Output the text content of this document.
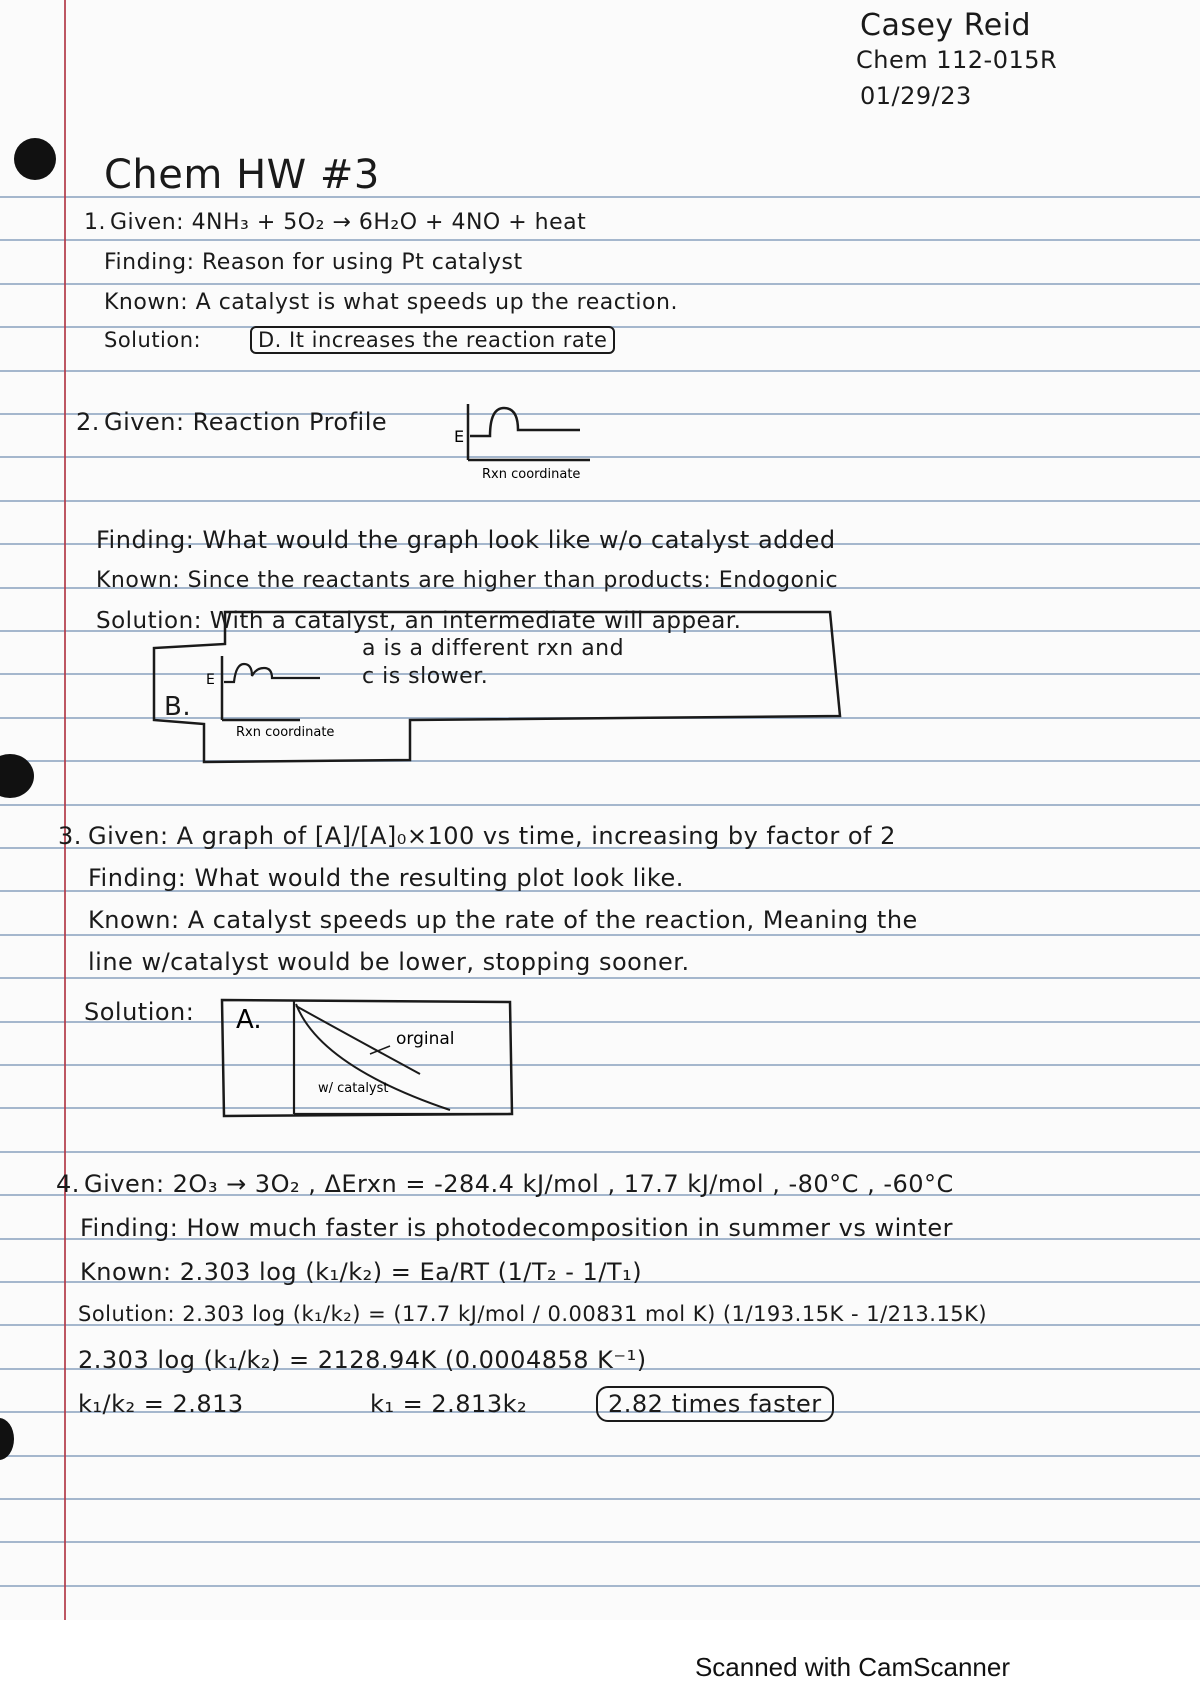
Casey Reid
Chem 112-015R
01/29/23
Chem HW #3
1. Given: 4NH₃ + 5O₂ → 6H₂O + 4NO + heat
Finding: Reason for using Pt catalyst
Known: A catalyst is what speeds up the reaction.
Solution:	D. It increases the reaction rate
2. Given: Reaction Profile
E
Rxn coordinate
Finding: What would the graph look like w/o catalyst added
Known: Since the reactants are higher than products: Endogonic
Solution: With a catalyst, an intermediate will appear.
a is a different rxn and
c is slower.
B.
E
Rxn coordinate
3. Given: A graph of [A]/[A]₀×100 vs time, increasing by factor of 2
Finding: What would the resulting plot look like.
Known: A catalyst speeds up the rate of the reaction, Meaning the
line w/catalyst would be lower, stopping sooner.
Solution: A.
orginal
w/ catalyst
4. Given: 2O₃ → 3O₂ , ΔErxn = -284.4 kJ/mol , 17.7 kJ/mol , -80°C , -60°C
Finding: How much faster is photodecomposition in summer vs winter
Known: 2.303 log (k₁/k₂) = Ea/RT (1/T₂ - 1/T₁)
Solution: 2.303 log (k₁/k₂) = (17.7 kJ/mol / 0.00831 mol K) (1/193.15K - 1/213.15K)
2.303 log (k₁/k₂) = 2128.94K (0.0004858 K⁻¹)
k₁/k₂ = 2.813	k₁ = 2.813k₂	2.82 times faster
Scanned with CamScanner
